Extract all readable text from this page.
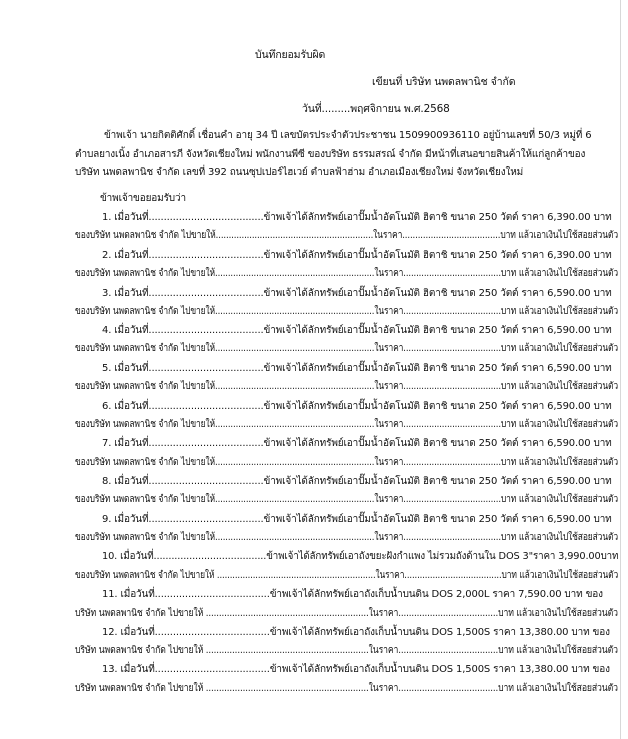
บันทึกยอมรับผิด
เขียนที่ บริษัท นพดลพานิช จำกัด
วันที่.........พฤศจิกายน พ.ศ.2568
ข้าพเจ้า นายกิตติศักดิ์ เชื่อนคำ อายุ 34 ปี เลขบัตรประจำตัวประชาชน 1509900936110 อยู่บ้านเลขที่ 50/3 หมู่ที่ 6
ตำบลยางเนิ้ง อำเภอสารภี จังหวัดเชียงใหม่ พนักงานพีซี ของบริษัท ธรรมสรณ์ จำกัด มีหน้าที่เสนอขายสินค้าให้แก่ลูกค้าของ
บริษัท นพดลพานิช จำกัด เลขที่ 392 ถนนซุปเปอร์ไฮเวย์ ตำบลฟ้าฮ่าม อำเภอเมืองเชียงใหม่ จังหวัดเชียงใหม่
ข้าพเจ้าขอยอมรับว่า
1. เมื่อวันที่......................................ข้าพเจ้าได้ลักทรัพย์เอาปั๊มน้ำอัตโนมัติ ฮิตาชิ ขนาด 250 วัตต์ ราคา 6,390.00 บาท
ของบริษัท นพดลพานิช จำกัด ไปขายให้.............................................................ในราคา......................................บาท แล้วเอาเงินไปใช้สอยส่วนตัว
2. เมื่อวันที่......................................ข้าพเจ้าได้ลักทรัพย์เอาปั๊มน้ำอัตโนมัติ ฮิตาชิ ขนาด 250 วัตต์ ราคา 6,390.00 บาท
ของบริษัท นพดลพานิช จำกัด ไปขายให้..............................................................ในราคา......................................บาท แล้วเอาเงินไปใช้สอยส่วนตัว
3. เมื่อวันที่......................................ข้าพเจ้าได้ลักทรัพย์เอาปั๊มน้ำอัตโนมัติ ฮิตาชิ ขนาด 250 วัตต์ ราคา 6,590.00 บาท
ของบริษัท นพดลพานิช จำกัด ไปขายให้..............................................................ในราคา......................................บาท แล้วเอาเงินไปใช้สอยส่วนตัว
4. เมื่อวันที่......................................ข้าพเจ้าได้ลักทรัพย์เอาปั๊มน้ำอัตโนมัติ ฮิตาชิ ขนาด 250 วัตต์ ราคา 6,590.00 บาท
ของบริษัท นพดลพานิช จำกัด ไปขายให้..............................................................ในราคา......................................บาท แล้วเอาเงินไปใช้สอยส่วนตัว
5. เมื่อวันที่......................................ข้าพเจ้าได้ลักทรัพย์เอาปั๊มน้ำอัตโนมัติ ฮิตาชิ ขนาด 250 วัตต์ ราคา 6,590.00 บาท
ของบริษัท นพดลพานิช จำกัด ไปขายให้..............................................................ในราคา......................................บาท แล้วเอาเงินไปใช้สอยส่วนตัว
6. เมื่อวันที่......................................ข้าพเจ้าได้ลักทรัพย์เอาปั๊มน้ำอัตโนมัติ ฮิตาชิ ขนาด 250 วัตต์ ราคา 6,590.00 บาท
ของบริษัท นพดลพานิช จำกัด ไปขายให้..............................................................ในราคา......................................บาท แล้วเอาเงินไปใช้สอยส่วนตัว
7. เมื่อวันที่......................................ข้าพเจ้าได้ลักทรัพย์เอาปั๊มน้ำอัตโนมัติ ฮิตาชิ ขนาด 250 วัตต์ ราคา 6,590.00 บาท
ของบริษัท นพดลพานิช จำกัด ไปขายให้..............................................................ในราคา......................................บาท แล้วเอาเงินไปใช้สอยส่วนตัว
8. เมื่อวันที่......................................ข้าพเจ้าได้ลักทรัพย์เอาปั๊มน้ำอัตโนมัติ ฮิตาชิ ขนาด 250 วัตต์ ราคา 6,590.00 บาท
ของบริษัท นพดลพานิช จำกัด ไปขายให้..............................................................ในราคา......................................บาท แล้วเอาเงินไปใช้สอยส่วนตัว
9. เมื่อวันที่......................................ข้าพเจ้าได้ลักทรัพย์เอาปั๊มน้ำอัตโนมัติ ฮิตาชิ ขนาด 250 วัตต์ ราคา 6,590.00 บาท
ของบริษัท นพดลพานิช จำกัด ไปขายให้..............................................................ในราคา......................................บาท แล้วเอาเงินไปใช้สอยส่วนตัว
10. เมื่อวันที่......................................ข้าพเจ้าได้ลักทรัพย์เอาถังขยะฝังกำแพง ไม่รวมถังด้านใน DOS 3"ราคา 3,990.00บาท
ของบริษัท นพดลพานิช จำกัด ไปขายให้ ..............................................................ในราคา......................................บาท แล้วเอาเงินไปใช้สอยส่วนตัว
11. เมื่อวันที่......................................ข้าพเจ้าได้ลักทรัพย์เอาถังเก็บน้ำบนดิน DOS 2,000L ราคา 7,590.00 บาท ของ
บริษัท นพดลพานิช จำกัด ไปขายให้ ..............................................................ในราคา......................................บาท แล้วเอาเงินไปใช้สอยส่วนตัว
12. เมื่อวันที่......................................ข้าพเจ้าได้ลักทรัพย์เอาถังเก็บน้ำบนดิน DOS 1,500S ราคา 13,380.00 บาท ของ
บริษัท นพดลพานิช จำกัด ไปขายให้ ..............................................................ในราคา......................................บาท แล้วเอาเงินไปใช้สอยส่วนตัว
13. เมื่อวันที่......................................ข้าพเจ้าได้ลักทรัพย์เอาถังเก็บน้ำบนดิน DOS 1,500S ราคา 13,380.00 บาท ของ
บริษัท นพดลพานิช จำกัด ไปขายให้ ..............................................................ในราคา......................................บาท แล้วเอาเงินไปใช้สอยส่วนตัว
